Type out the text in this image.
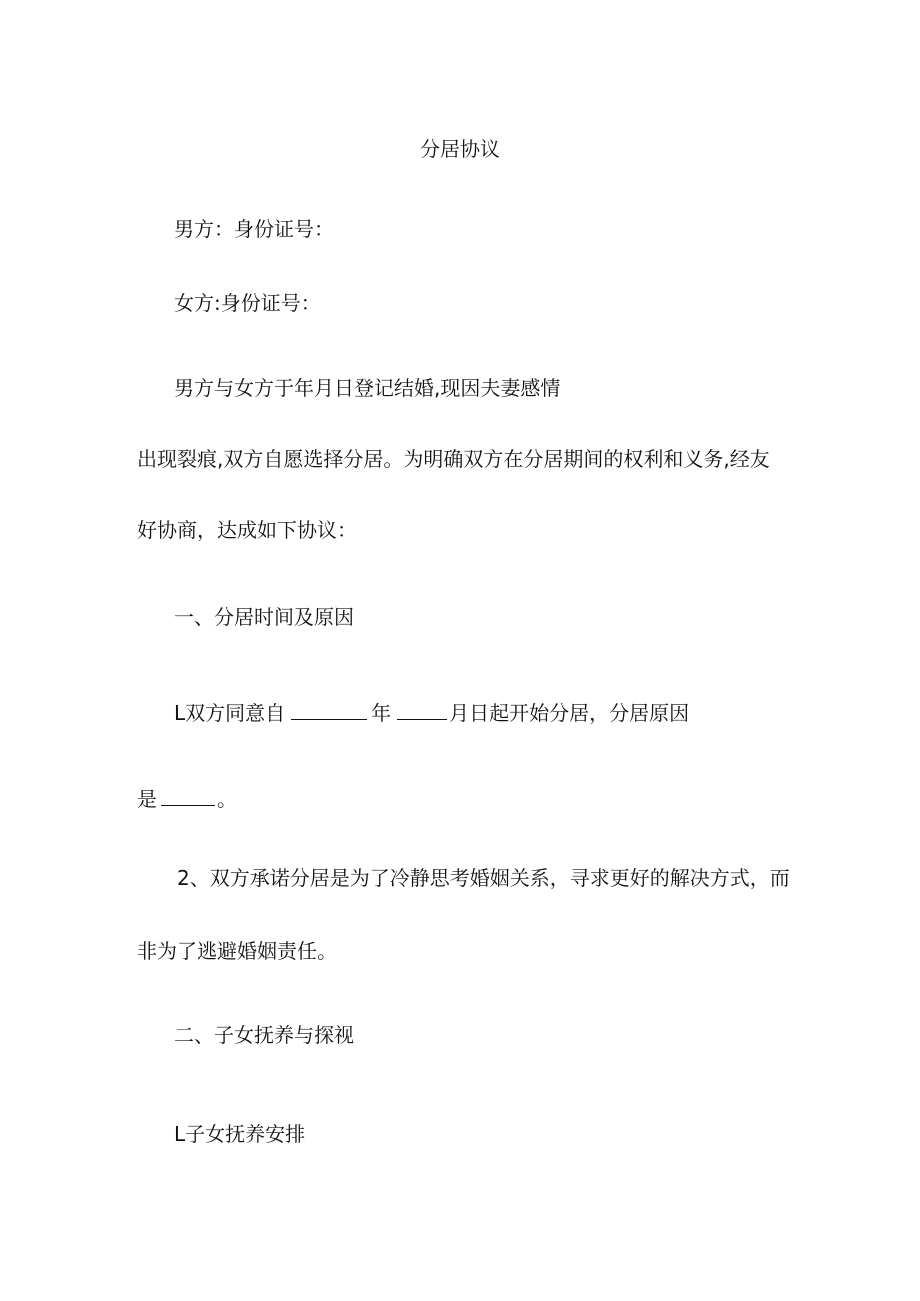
分居协议
男方：身份证号：
女方:身份证号：
男方与女方于年月日登记结婚,现因夫妻感情
出现裂痕,双方自愿选择分居。为明确双方在分居期间的权利和义务,经友
好协商，达成如下协议：
一、分居时间及原因
L双方同意自	年	月日起开始分居，分居原因
是	。
2、双方承诺分居是为了冷静思考婚姻关系，寻求更好的解决方式，而
非为了逃避婚姻责任。
二、子女抚养与探视
L子女抚养安排
